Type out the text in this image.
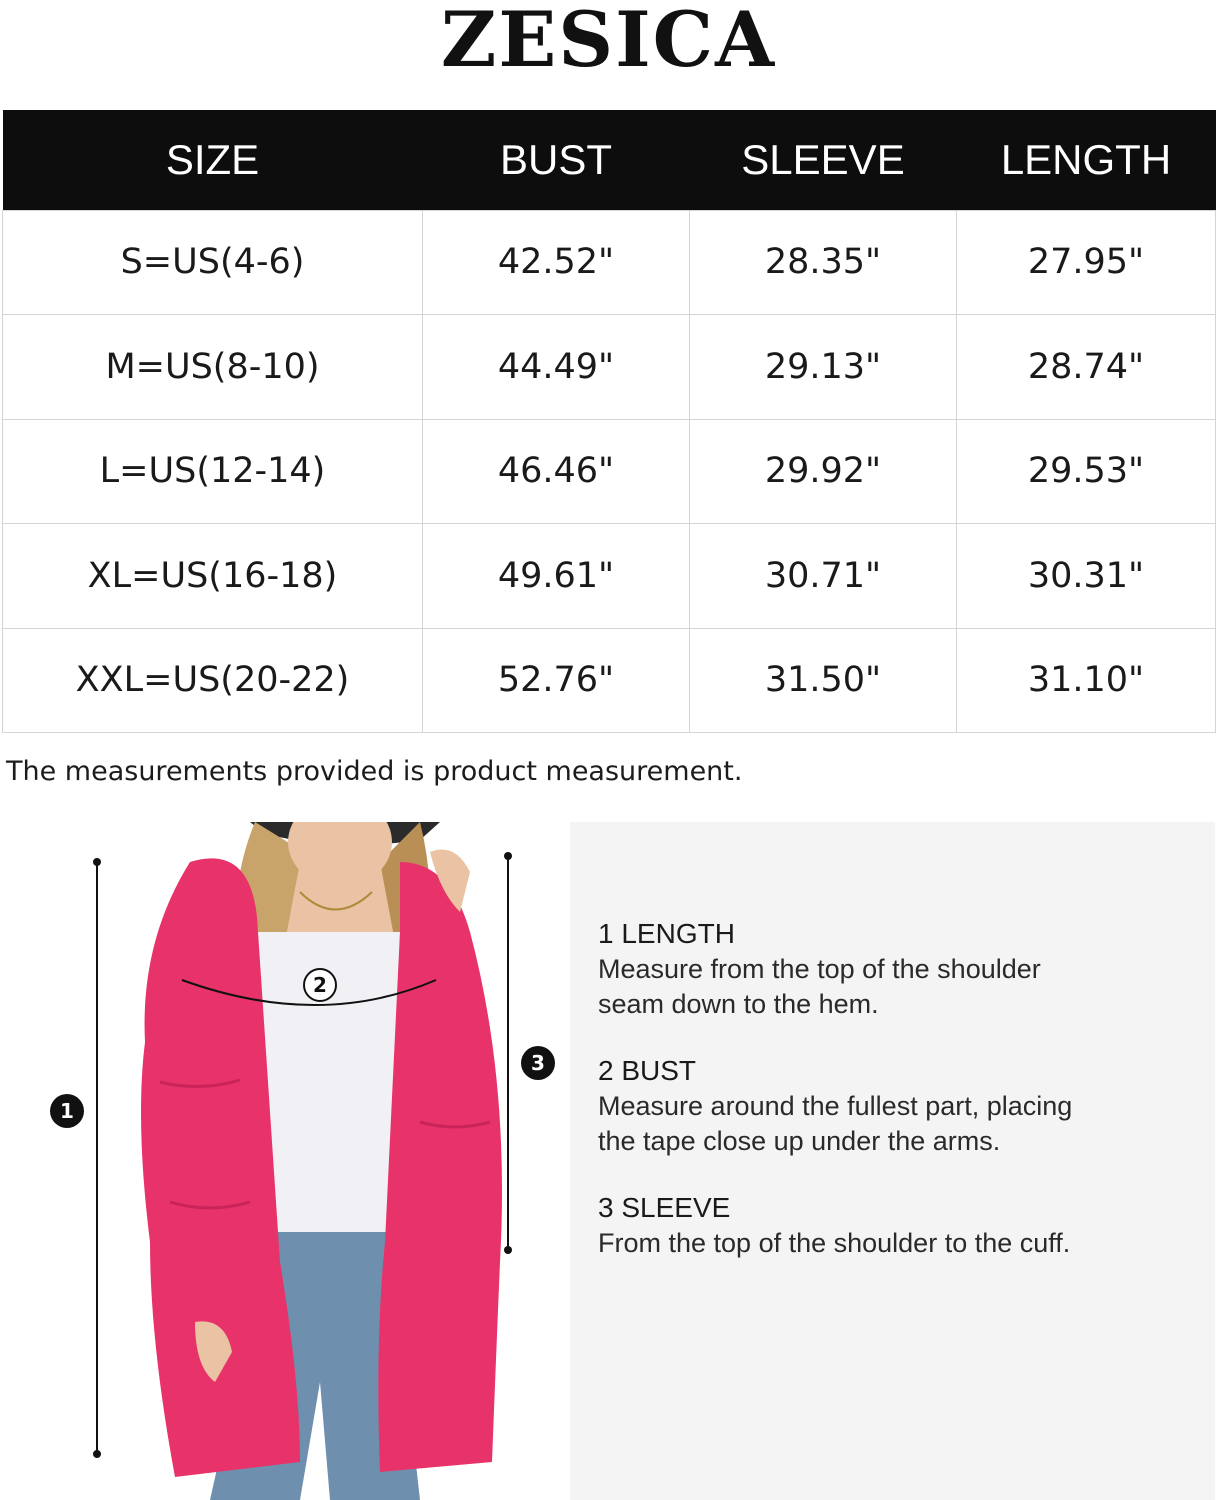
ZESICA
SIZE	BUST	SLEEVE	LENGTH
S=US(4-6)	42.52"	28.35"	27.95"
M=US(8-10)	44.49"	29.13"	28.74"
L=US(12-14)	46.46"	29.92"	29.53"
XL=US(16-18)	49.61"	30.71"	30.31"
XXL=US(20-22)	52.76"	31.50"	31.10"
The measurements provided is product measurement.
1
2
3
1 LENGTH
Measure from the top of the shoulder
seam down to the hem.
2 BUST
Measure around the fullest part, placing
the tape close up under the arms.
3 SLEEVE
From the top of the shoulder to the cuff.
